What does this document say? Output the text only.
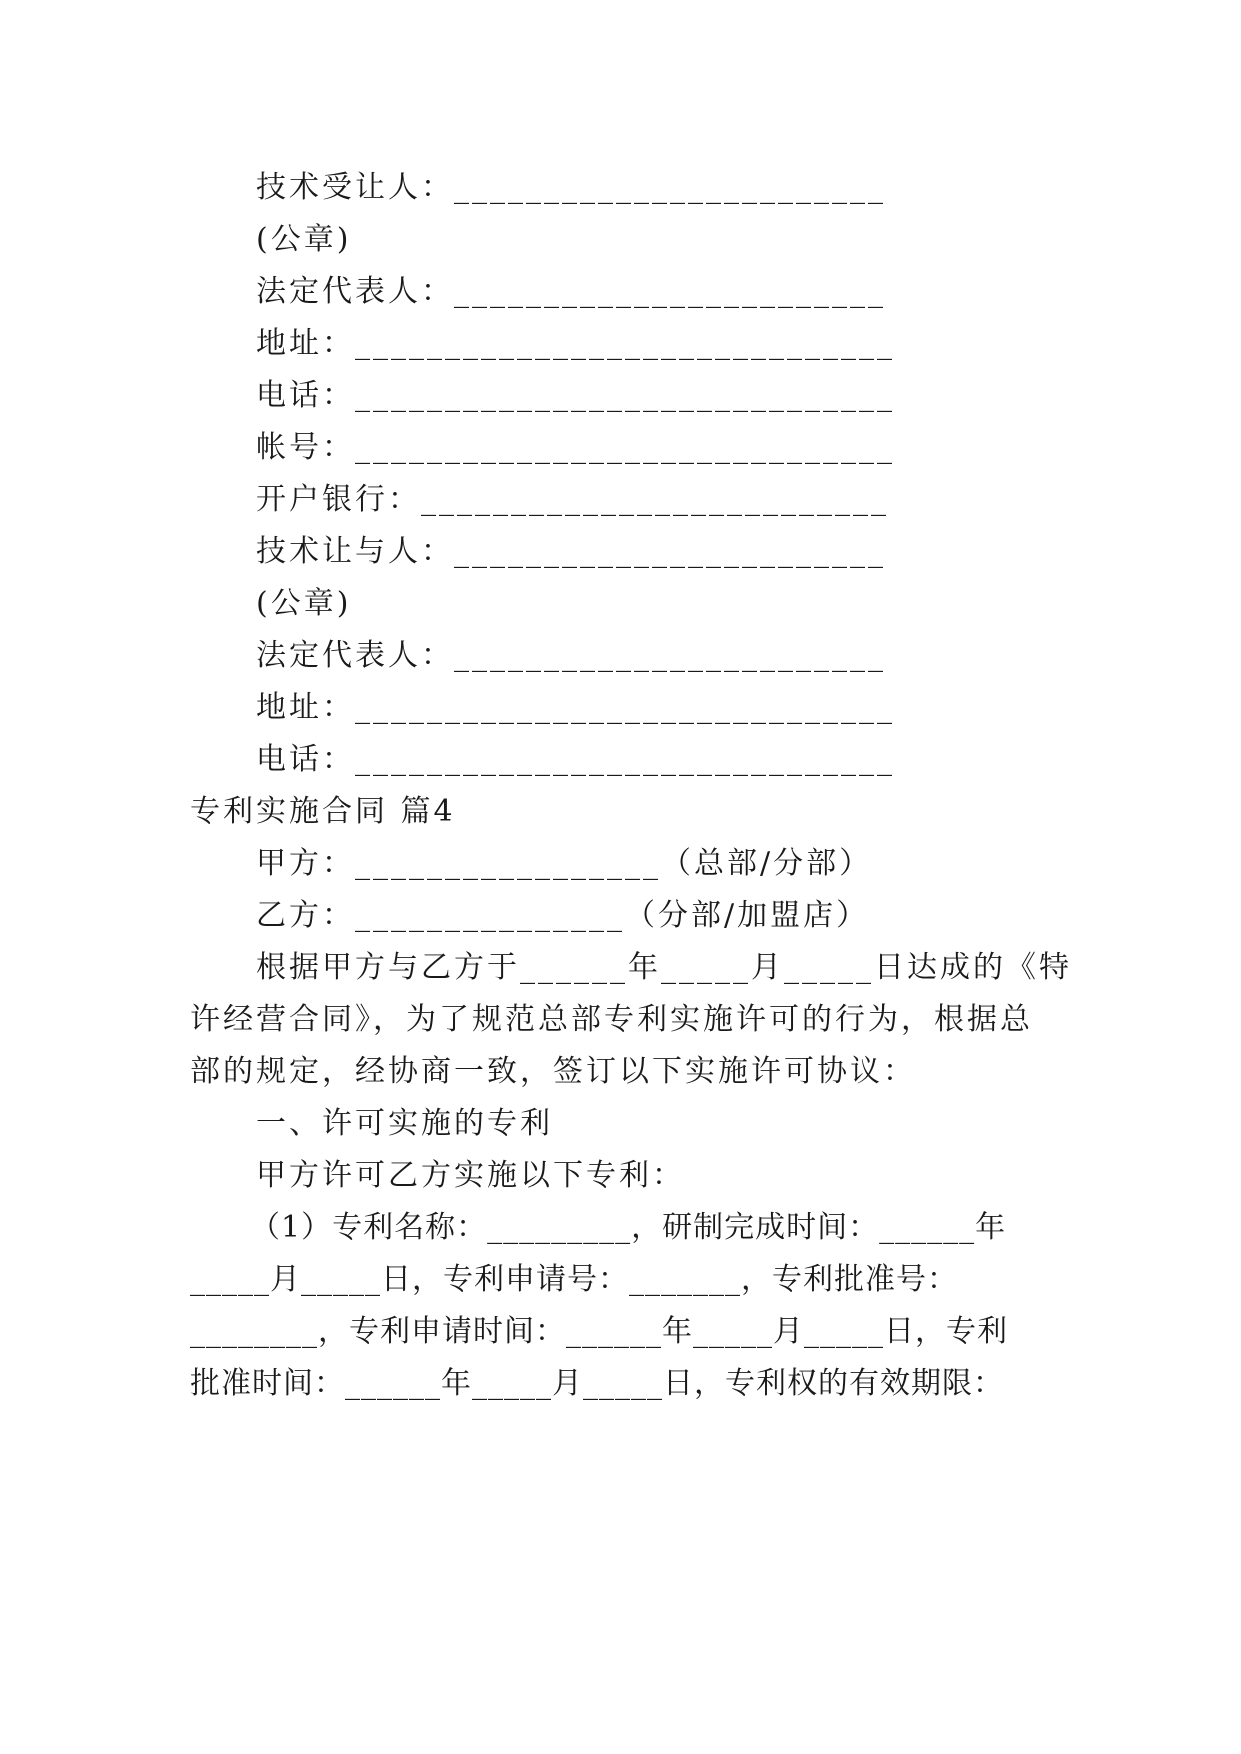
技术受让人：________________________
(公章)
法定代表人：________________________
地址：______________________________
电话：______________________________
帐号：______________________________
开户银行：__________________________
技术让与人：________________________
(公章)
法定代表人：________________________
地址：______________________________
电话：______________________________
专利实施合同 篇4
甲方：_________________（总部/分部）
乙方：_______________（分部/加盟店）
根据甲方与乙方于______年_____月_____日达成的《特
许经营合同》，为了规范总部专利实施许可的行为，根据总
部的规定，经协商一致，签订以下实施许可协议：
一、许可实施的专利
甲方许可乙方实施以下专利：
（1）专利名称：_________，研制完成时间：______年
_____月_____日，专利申请号：_______，专利批准号：
________，专利申请时间：______年_____月_____日，专利
批准时间：______年_____月_____日，专利权的有效期限：
